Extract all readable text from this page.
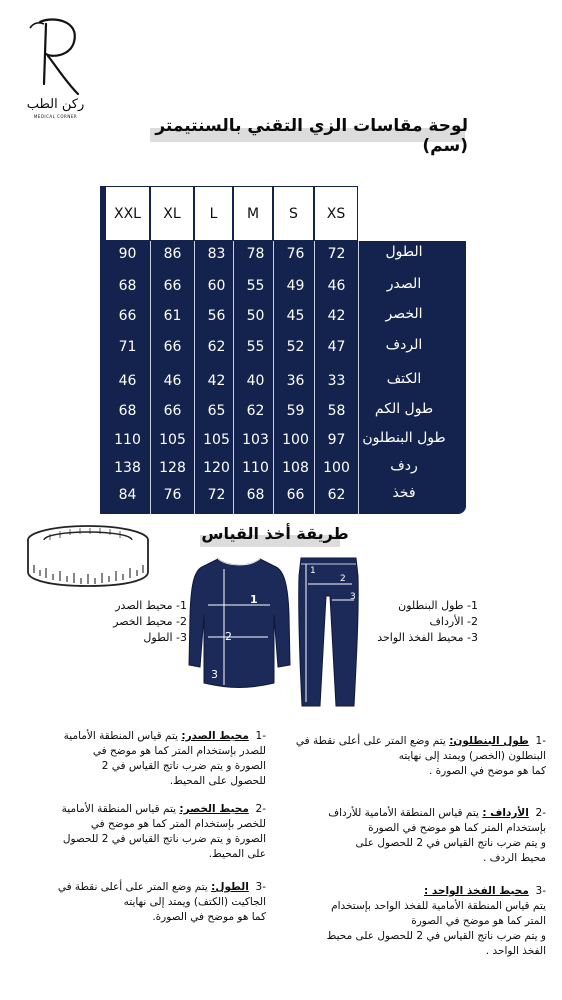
ركن الطب
MEDICAL CORNER	لوحة مقاسات الزي التقني بالسنتيمتر (سم)
XXL	XL	L	M	S	XS
90	86	83	78	76	72	الطول
68	66	60	55	49	46	الصدر
66	61	56	50	45	42	الخصر
71	66	62	55	52	47	الردف
46	46	42	40	36	33	الكتف
68	66	65	62	59	58	طول الكم
110	105	105 103 100	97	طول البنطلون
138	128	120 110 108	100	ردف
84	76	72	68	66	62	فخذ
طريقة أخذ القياس
1
2
3
1
2
3
1- محيط الصدر
2- محيط الخصر
3- الطول
1- طول البنطلون
2- الأرداف
3- محيط الفخذ الواحد
-1  محيط الصدر: يتم قياس المنطقة الأمامية
للصدر بإستخدام المتر كما هو موضح في
الصورة و يتم ضرب ناتج القياس في 2
للحصول على المحيط.
-2  محيط الخصر: يتم قياس المنطقة الأمامية
للخصر بإستخدام المتر كما هو موضح في
الصورة و يتم ضرب ناتج القياس في 2 للحصول
على المحيط.
-3  الطول: يتم وضع المتر على أعلى نقطة في
الجاكيت (الكتف) ويمتد إلى نهايته
كما هو موضح في الصورة.
-1  طول البنطلون: يتم وضع المتر على أعلى نقطة في
البنطلون (الخصر) ويمتد إلى نهايته
كما هو موضح في الصورة .
-2  الأرداف : يتم قياس المنطقة الأمامية للأرداف
بإستخدام المتر كما هو موضح في الصورة
و يتم ضرب ناتج القياس في 2 للحصول على
محيط الردف .
-3  محيط الفخذ الواحد :
يتم قياس المنطقة الأمامية للفخذ الواحد بإستخدام
المتر كما هو موضح في الصورة
و يتم ضرب ناتج القياس في 2 للحصول على محيط
الفخذ الواحد .
